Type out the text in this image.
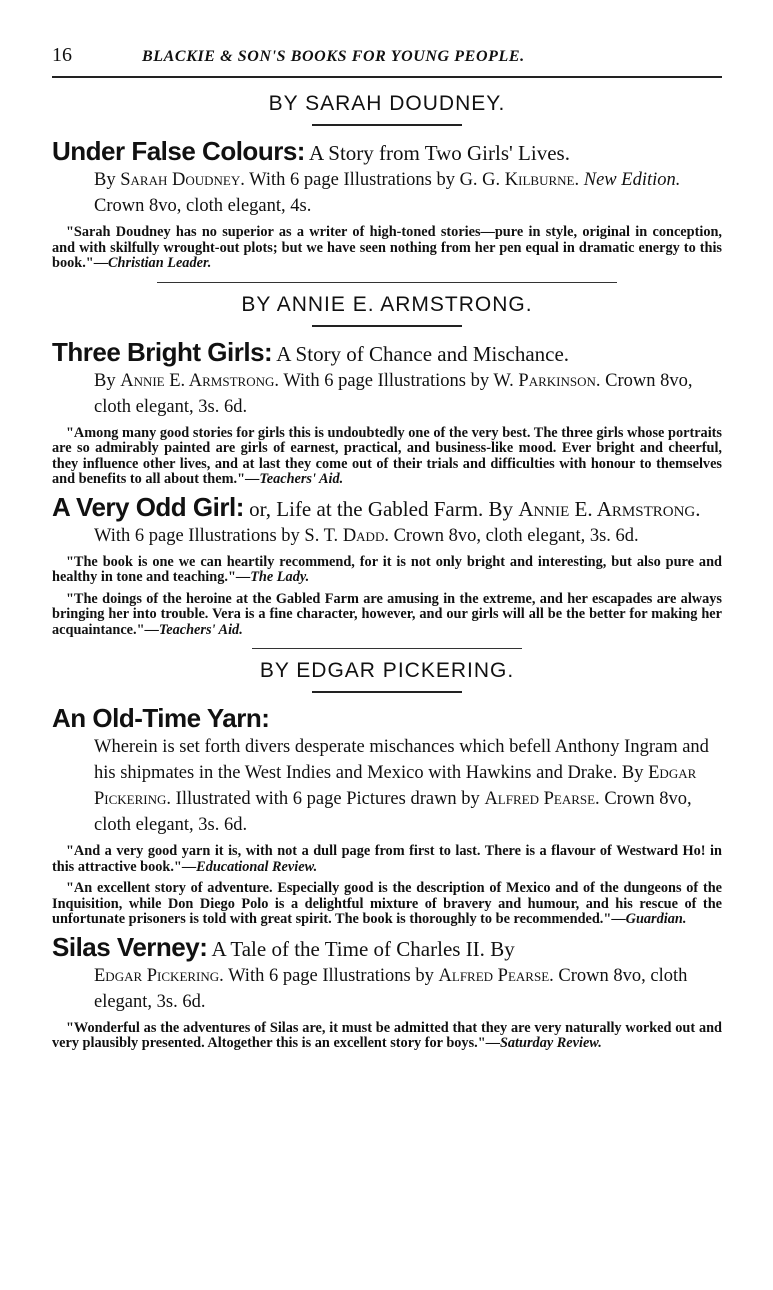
16	BLACKIE & SON'S BOOKS FOR YOUNG PEOPLE.
BY SARAH DOUDNEY.
Under False Colours: A Story from Two Girls' Lives.
By Sarah Doudney. With 6 page Illustrations by G. G. Kilburne. New Edition. Crown 8vo, cloth elegant, 4s.

"Sarah Doudney has no superior as a writer of high-toned stories—pure in style, original in conception, and with skilfully wrought-out plots; but we have seen nothing from her pen equal in dramatic energy to this book."—Christian Leader.

BY ANNIE E. ARMSTRONG.
Three Bright Girls: A Story of Chance and Mischance.
By Annie E. Armstrong. With 6 page Illustrations by W. Parkinson. Crown 8vo, cloth elegant, 3s. 6d.

"Among many good stories for girls this is undoubtedly one of the very best. The three girls whose portraits are so admirably painted are girls of earnest, practical, and business-like mood. Ever bright and cheerful, they influence other lives, and at last they come out of their trials and difficulties with honour to themselves and benefits to all about them."—Teachers' Aid.

A Very Odd Girl: or, Life at the Gabled Farm. By Annie E. Armstrong.
With 6 page Illustrations by S. T. Dadd. Crown 8vo, cloth elegant, 3s. 6d.

"The book is one we can heartily recommend, for it is not only bright and interesting, but also pure and healthy in tone and teaching."—The Lady.

"The doings of the heroine at the Gabled Farm are amusing in the extreme, and her escapades are always bringing her into trouble. Vera is a fine character, however, and our girls will all be the better for making her acquaintance."—Teachers' Aid.

BY EDGAR PICKERING.
An Old-Time Yarn:
Wherein is set forth divers desperate mischances which befell Anthony Ingram and his shipmates in the West Indies and Mexico with Hawkins and Drake. By Edgar Pickering. Illustrated with 6 page Pictures drawn by Alfred Pearse. Crown 8vo, cloth elegant, 3s. 6d.

"And a very good yarn it is, with not a dull page from first to last. There is a flavour of Westward Ho! in this attractive book."—Educational Review.

"An excellent story of adventure. Especially good is the description of Mexico and of the dungeons of the Inquisition, while Don Diego Polo is a delightful mixture of bravery and humour, and his rescue of the unfortunate prisoners is told with great spirit. The book is thoroughly to be recommended."—Guardian.

Silas Verney: A Tale of the Time of Charles II. By
Edgar Pickering. With 6 page Illustrations by Alfred Pearse. Crown 8vo, cloth elegant, 3s. 6d.

"Wonderful as the adventures of Silas are, it must be admitted that they are very naturally worked out and very plausibly presented. Altogether this is an excellent story for boys."—Saturday Review.
